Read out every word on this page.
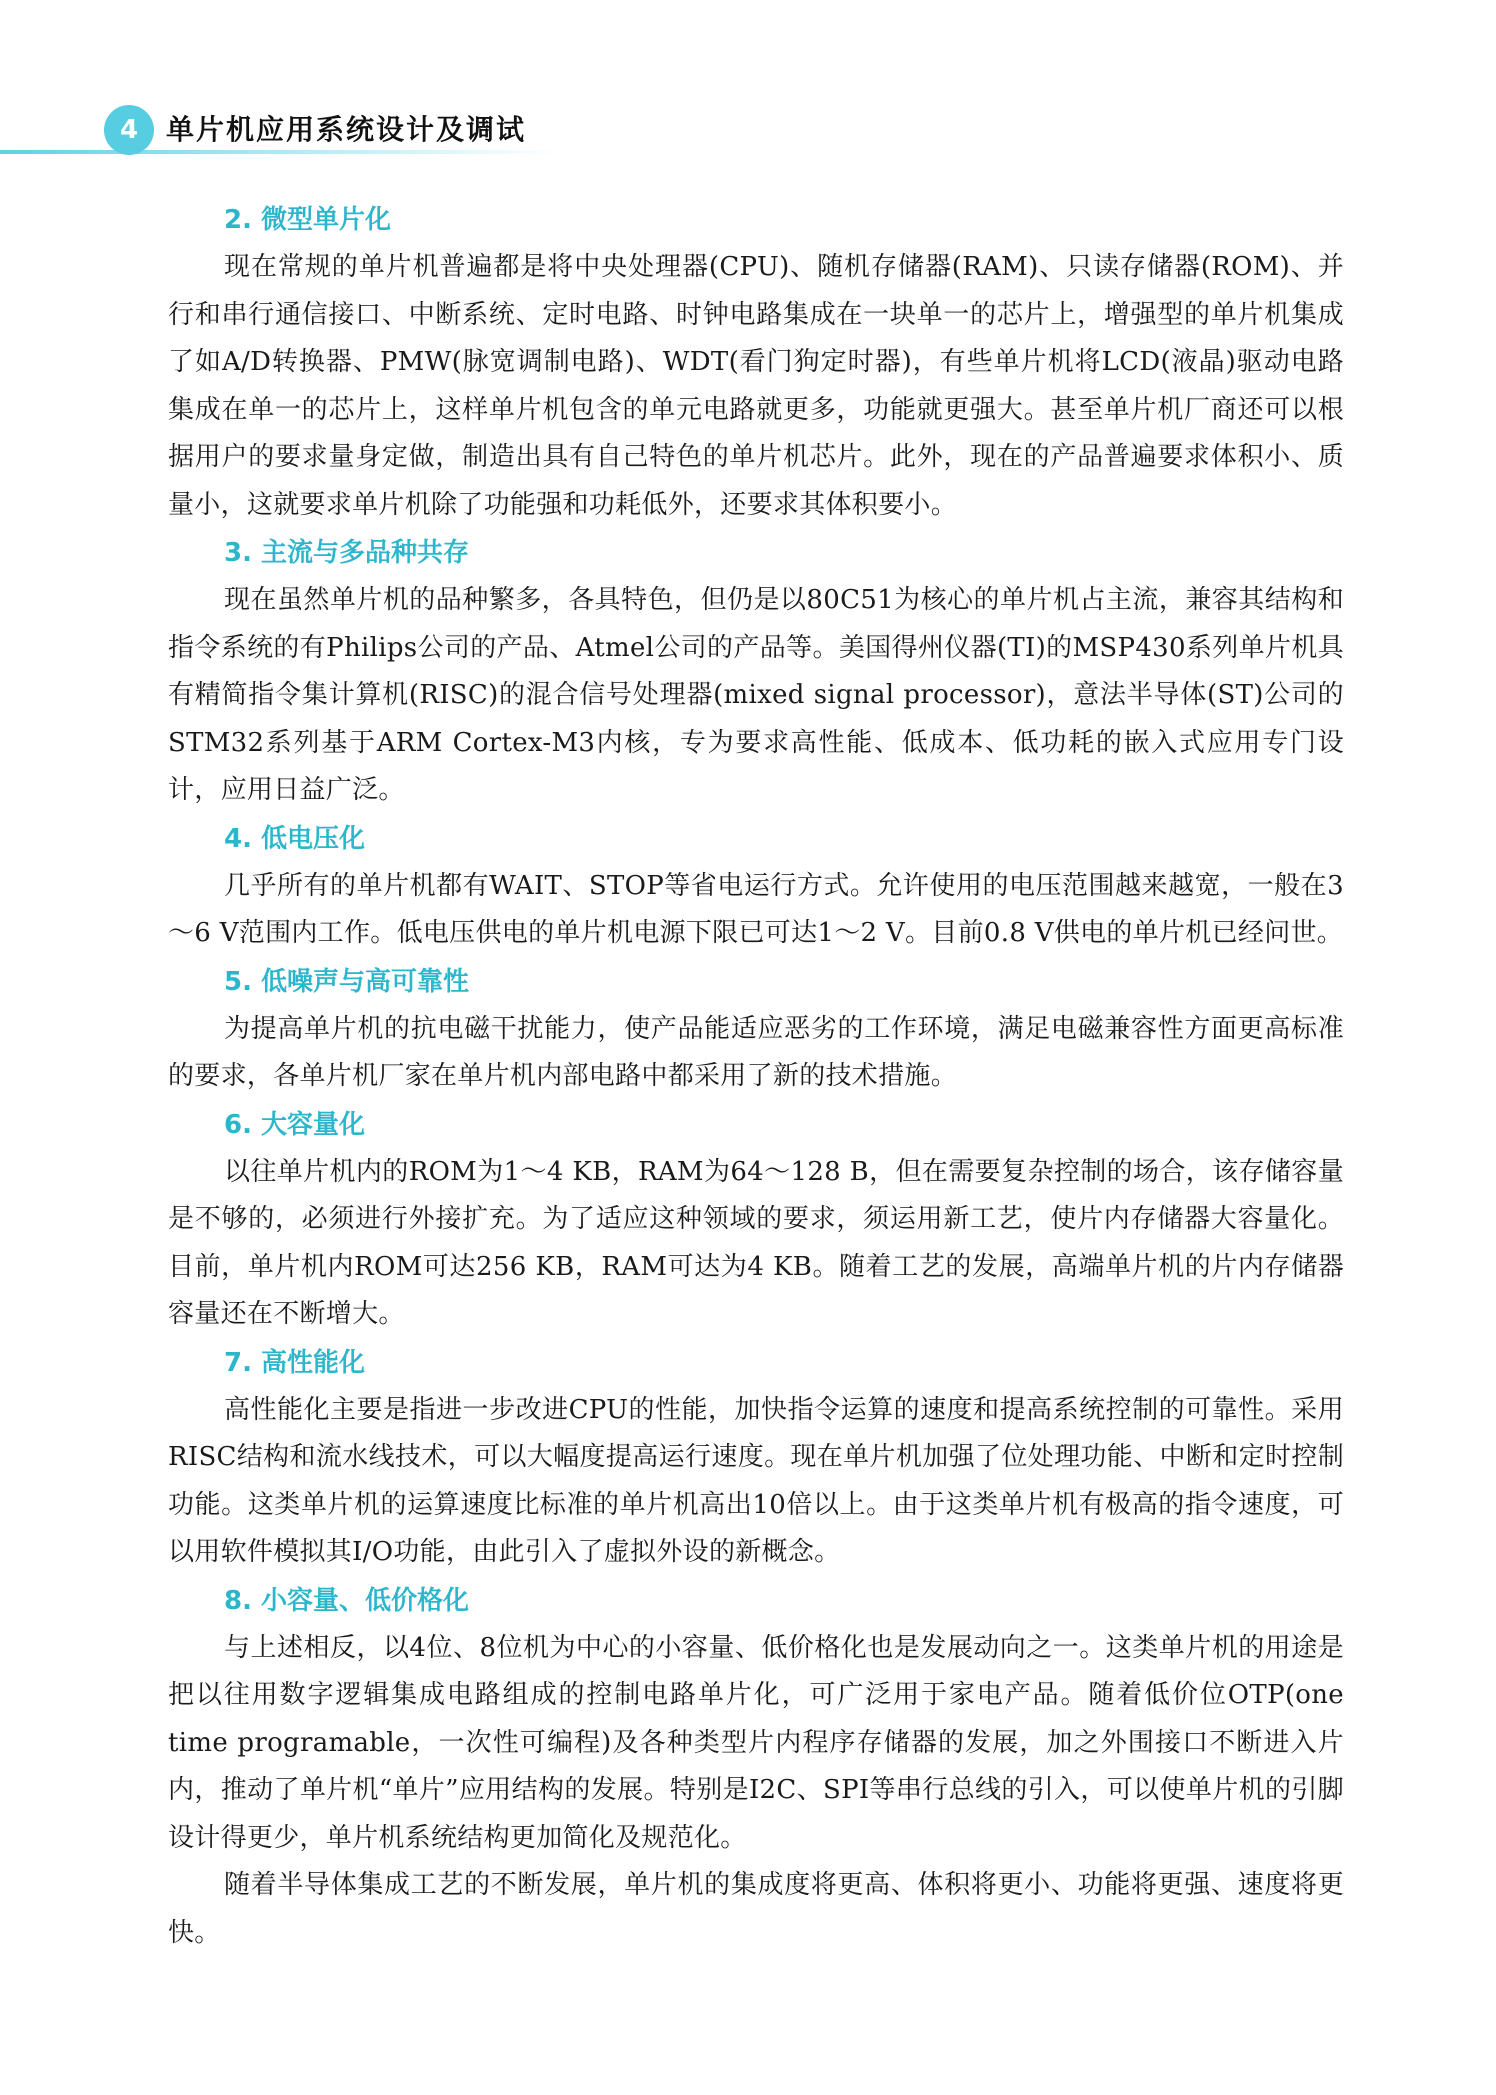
4 单片机应用系统设计及调试
2. 微型单片化

现在常规的单片机普遍都是将中央处理器(CPU)、随机存储器(RAM)、只读存储器(ROM)、并行和串行通信接口、中断系统、定时电路、时钟电路集成在一块单一的芯片上，增强型的单片机集成了如A/D转换器、PMW(脉宽调制电路)、WDT(看门狗定时器)，有些单片机将LCD(液晶)驱动电路集成在单一的芯片上，这样单片机包含的单元电路就更多，功能就更强大。甚至单片机厂商还可以根据用户的要求量身定做，制造出具有自己特色的单片机芯片。此外，现在的产品普遍要求体积小、质量小，这就要求单片机除了功能强和功耗低外，还要求其体积要小。

3. 主流与多品种共存

现在虽然单片机的品种繁多，各具特色，但仍是以80C51为核心的单片机占主流，兼容其结构和指令系统的有Philips公司的产品、Atmel公司的产品等。美国得州仪器(TI)的MSP430系列单片机具有精简指令集计算机(RISC)的混合信号处理器(mixed signal processor)，意法半导体(ST)公司的STM32系列基于ARM Cortex-M3内核，专为要求高性能、低成本、低功耗的嵌入式应用专门设计，应用日益广泛。

4. 低电压化

几乎所有的单片机都有WAIT、STOP等省电运行方式。允许使用的电压范围越来越宽，一般在3～6 V范围内工作。低电压供电的单片机电源下限已可达1～2 V。目前0.8 V供电的单片机已经问世。

5. 低噪声与高可靠性

为提高单片机的抗电磁干扰能力，使产品能适应恶劣的工作环境，满足电磁兼容性方面更高标准的要求，各单片机厂家在单片机内部电路中都采用了新的技术措施。

6. 大容量化

以往单片机内的ROM为1～4 KB，RAM为64～128 B，但在需要复杂控制的场合，该存储容量是不够的，必须进行外接扩充。为了适应这种领域的要求，须运用新工艺，使片内存储器大容量化。目前，单片机内ROM可达256 KB，RAM可达为4 KB。随着工艺的发展，高端单片机的片内存储器容量还在不断增大。

7. 高性能化

高性能化主要是指进一步改进CPU的性能，加快指令运算的速度和提高系统控制的可靠性。采用RISC结构和流水线技术，可以大幅度提高运行速度。现在单片机加强了位处理功能、中断和定时控制功能。这类单片机的运算速度比标准的单片机高出10倍以上。由于这类单片机有极高的指令速度，可以用软件模拟其I/O功能，由此引入了虚拟外设的新概念。

8. 小容量、低价格化

与上述相反，以4位、8位机为中心的小容量、低价格化也是发展动向之一。这类单片机的用途是把以往用数字逻辑集成电路组成的控制电路单片化，可广泛用于家电产品。随着低价位OTP(one time programable，一次性可编程)及各种类型片内程序存储器的发展，加之外围接口不断进入片内，推动了单片机“单片”应用结构的发展。特别是I2C、SPI等串行总线的引入，可以使单片机的引脚设计得更少，单片机系统结构更加简化及规范化。

随着半导体集成工艺的不断发展，单片机的集成度将更高、体积将更小、功能将更强、速度将更快。
